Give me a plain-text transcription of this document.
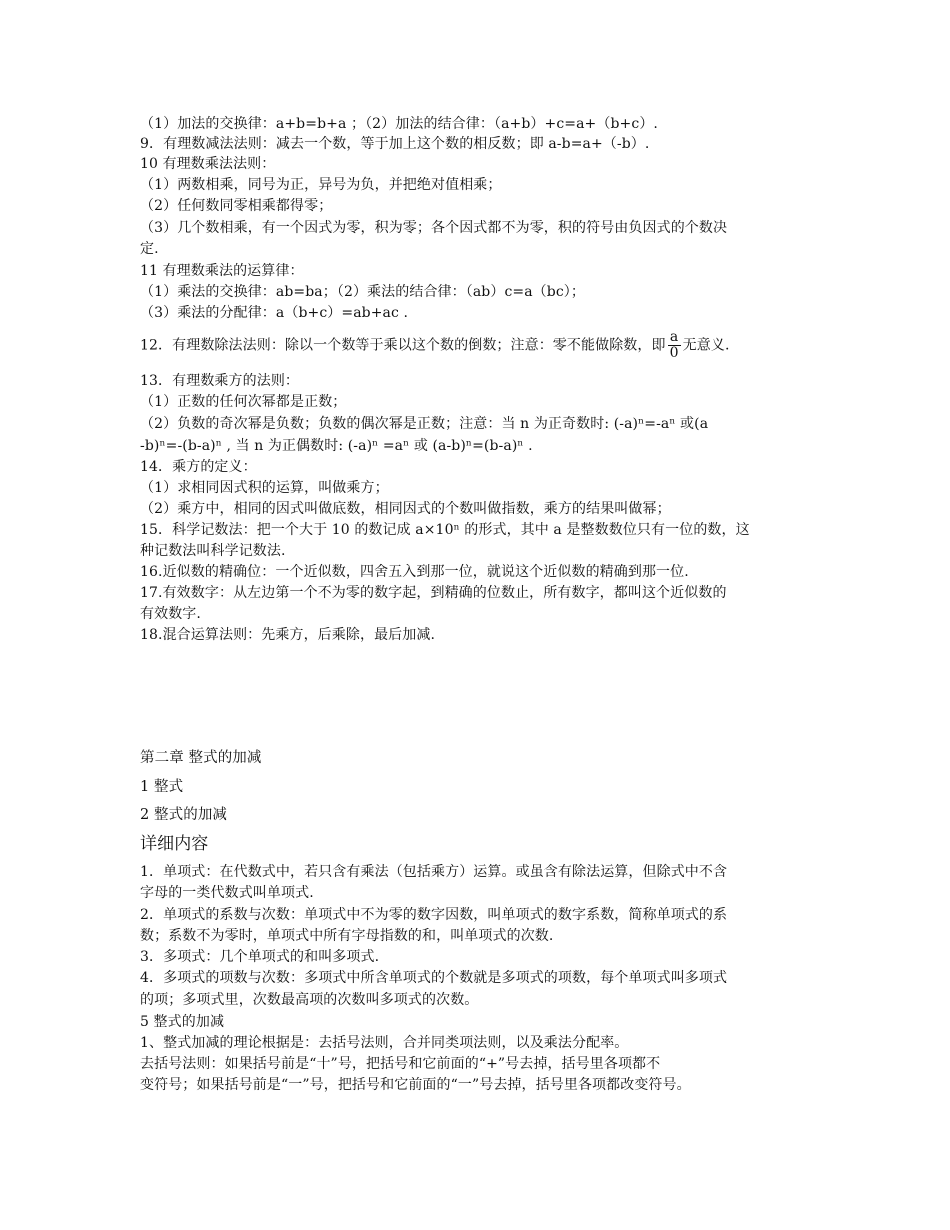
（1）加法的交换律：a+b=b+a ；（2）加法的结合律：（a+b）+c=a+（b+c）.
9．有理数减法法则：减去一个数，等于加上这个数的相反数；即 a-b=a+（-b）.
10 有理数乘法法则：
（1）两数相乘，同号为正，异号为负，并把绝对值相乘；
（2）任何数同零相乘都得零；
（3）几个数相乘，有一个因式为零，积为零；各个因式都不为零，积的符号由负因式的个数决
定.
11 有理数乘法的运算律：
（1）乘法的交换律：ab=ba；（2）乘法的结合律：（ab）c=a（bc）；
（3）乘法的分配律：a（b+c）=ab+ac .
12．有理数除法法则：除以一个数等于乘以这个数的倒数；注意：零不能做除数，即 $\frac{a}{0}$ 无意义.
13．有理数乘方的法则：
（1）正数的任何次幂都是正数；
（2）负数的奇次幂是负数；负数的偶次幂是正数；注意：当 n 为正奇数时: (-a)ⁿ=-aⁿ 或(a
-b)ⁿ=-(b-a)ⁿ , 当 n 为正偶数时: (-a)ⁿ =aⁿ 或 (a-b)ⁿ=(b-a)ⁿ .
14．乘方的定义：
（1）求相同因式积的运算，叫做乘方；
（2）乘方中，相同的因式叫做底数，相同因式的个数叫做指数，乘方的结果叫做幂；
15．科学记数法：把一个大于 10 的数记成 a×10ⁿ 的形式，其中 a 是整数数位只有一位的数，这
种记数法叫科学记数法.
16.近似数的精确位：一个近似数，四舍五入到那一位，就说这个近似数的精确到那一位.
17.有效数字：从左边第一个不为零的数字起，到精确的位数止，所有数字，都叫这个近似数的
有效数字.
18.混合运算法则：先乘方，后乘除，最后加减.
第二章 整式的加减
1 整式
2 整式的加减
详细内容
1．单项式：在代数式中，若只含有乘法（包括乘方）运算。或虽含有除法运算，但除式中不含
字母的一类代数式叫单项式.
2．单项式的系数与次数：单项式中不为零的数字因数，叫单项式的数字系数，简称单项式的系
数；系数不为零时，单项式中所有字母指数的和，叫单项式的次数.
3．多项式：几个单项式的和叫多项式.
4．多项式的项数与次数：多项式中所含单项式的个数就是多项式的项数，每个单项式叫多项式
的项；多项式里，次数最高项的次数叫多项式的次数。
5 整式的加减
1、整式加减的理论根据是：去括号法则，合并同类项法则，以及乘法分配率。
去括号法则：如果括号前是“十”号，把括号和它前面的“+”号去掉，括号里各项都不
变符号；如果括号前是“一”号，把括号和它前面的“一”号去掉，括号里各项都改变符号。
